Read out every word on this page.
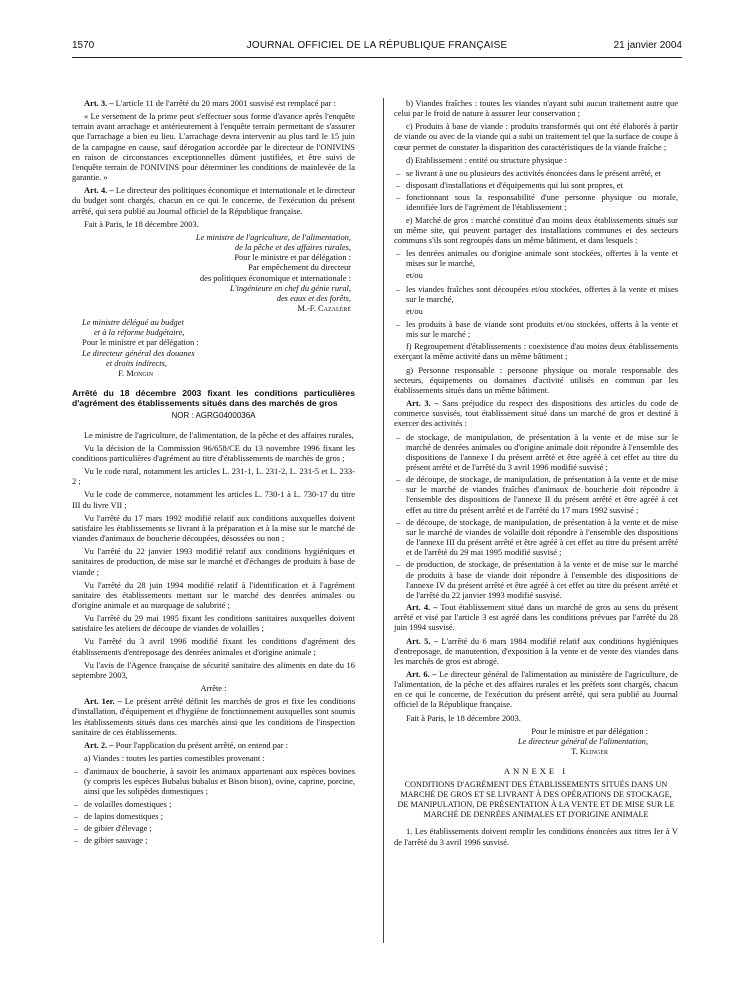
1570	JOURNAL OFFICIEL DE LA RÉPUBLIQUE FRANÇAISE	21 janvier 2004

Art. 3. – L'article 11 de l'arrêté du 20 mars 2001 susvisé est remplacé par :

« Le versement de la prime peut s'effectuer sous forme d'avance après l'enquête terrain avant arrachage et antérieurement à l'enquête terrain permettant de s'assurer que l'arrachage a bien eu lieu. L'arrachage devra intervenir au plus tard le 15 juin de la campagne en cause, sauf dérogation accordée par le directeur de l'ONIVINS en raison de circonstances exceptionnelles dûment justifiées, et être suivi de l'enquête terrain de l'ONIVINS pour déterminer les conditions de mainlevée de la garantie. »

Art. 4. – Le directeur des politiques économique et internationale et le directeur du budget sont chargés, chacun en ce qui le concerne, de l'exécution du présent arrêté, qui sera publié au Journal officiel de la République française.

Fait à Paris, le 18 décembre 2003.

Le ministre de l'agriculture, de l'alimentation,

de la pêche et des affaires rurales,

Pour le ministre et par délégation :

Par empêchement du directeur

des politiques économique et internationale :

L'ingénieure en chef du génie rural,

des eaux et des forêts,

M.-F. Cazalère

Le ministre délégué au budget

et à la réforme budgétaire,

Pour le ministre et par délégation :

Le directeur général des douanes

et droits indirects,

F. Mongin

Arrêté du 18 décembre 2003 fixant les conditions particulières d'agrément des établissements situés dans des marchés de gros

NOR : AGRG0400036A

Le ministre de l'agriculture, de l'alimentation, de la pêche et des affaires rurales,

Vu la décision de la Commission 96/658/CE du 13 novembre 1996 fixant les conditions particulières d'agrément au titre d'établissements de marchés de gros ;

Vu le code rural, notamment les articles L. 231-1, L. 231-2, L. 231-5 et L. 233-2 ;

Vu le code de commerce, notamment les articles L. 730-1 à L. 730-17 du titre III du livre VII ;

Vu l'arrêté du 17 mars 1992 modifié relatif aux conditions auxquelles doivent satisfaire les établissements se livrant à la préparation et à la mise sur le marché de viandes d'animaux de boucherie découpées, désossées ou non ;

Vu l'arrêté du 22 janvier 1993 modifié relatif aux conditions hygiéniques et sanitaires de production, de mise sur le marché et d'échanges de produits à base de viande ;

Vu l'arrêté du 28 juin 1994 modifié relatif à l'identification et à l'agrément sanitaire des établissements mettant sur le marché des denrées animales ou d'origine animale et au marquage de salubrité ;

Vu l'arrêté du 29 mai 1995 fixant les conditions sanitaires auxquelles doivent satisfaire les ateliers de découpe de viandes de volailles ;

Vu l'arrêté du 3 avril 1996 modifié fixant les conditions d'agrément des établissements d'entreposage des denrées animales et d'origine animale ;

Vu l'avis de l'Agence française de sécurité sanitaire des aliments en date du 16 septembre 2003,

Arrête :

Art. 1er. – Le présent arrêté définit les marchés de gros et fixe les conditions d'installation, d'équipement et d'hygiène de fonctionnement auxquelles sont soumis les établissements situés dans ces marchés ainsi que les conditions de l'inspection sanitaire de ces établissements.

Art. 2. – Pour l'application du présent arrêté, on entend par :

a) Viandes : toutes les parties comestibles provenant :

– d'animaux de boucherie, à savoir les animaux appartenant aux espèces bovines (y compris les espèces Bubalus bubalus et Bison bison), ovine, caprine, porcine, ainsi que les solipèdes domestiques ;

– de volailles domestiques ;

– de lapins domestiques ;

– de gibier d'élevage ;

– de gibier sauvage ;

b) Viandes fraîches : toutes les viandes n'ayant subi aucun traitement autre que celui par le froid de nature à assurer leur conservation ;

c) Produits à base de viande : produits transformés qui ont été élaborés à partir de viande ou avec de la viande qui a subi un traitement tel que la surface de coupe à cœur permet de constater la disparition des caractéristiques de la viande fraîche ;

d) Etablissement : entité ou structure physique :

– se livrant à une ou plusieurs des activités énoncées dans le présent arrêté, et

– disposant d'installations et d'équipements qui lui sont propres, et

– fonctionnant sous la responsabilité d'une personne physique ou morale, identifiée lors de l'agrément de l'établissement ;

e) Marché de gros : marché constitué d'au moins deux établissements situés sur un même site, qui peuvent partager des installations communes et des secteurs communs s'ils sont regroupés dans un même bâtiment, et dans lesquels :

– les denrées animales ou d'origine animale sont stockées, offertes à la vente et mises sur le marché,

et/ou

– les viandes fraîches sont découpées et/ou stockées, offertes à la vente et mises sur le marché,

et/ou

– les produits à base de viande sont produits et/ou stockées, offerts à la vente et mis sur le marché ;

f) Regroupement d'établissements : coexistence d'au moins deux établissements exerçant la même activité dans un même bâtiment ;

g) Personne responsable : personne physique ou morale responsable des secteurs, équipements ou domaines d'activité utilisés en commun par les établissements situés dans un même bâtiment.

Art. 3. – Sans préjudice du respect des dispositions des articles du code de commerce susvisés, tout établissement situé dans un marché de gros et destiné à exercer des activités :

– de stockage, de manipulation, de présentation à la vente et de mise sur le marché de denrées animales ou d'origine animale doit répondre à l'ensemble des dispositions de l'annexe I du présent arrêté et être agréé à cet effet au titre du présent arrêté et de l'arrêté du 3 avril 1996 modifié susvisé ;

– de découpe, de stockage, de manipulation, de présentation à la vente et de mise sur le marché de viandes fraîches d'animaux de boucherie doit répondre à l'ensemble des dispositions de l'annexe II du présent arrêté et être agréé à cet effet au titre du présent arrêté et de l'arrêté du 17 mars 1992 susvisé ;

– de découpe, de stockage, de manipulation, de présentation à la vente et de mise sur le marché de viandes de volaille doit répondre à l'ensemble des dispositions de l'annexe III du présent arrêté et être agréé à cet effet au titre du présent arrêté et de l'arrêté du 29 mai 1995 modifié susvisé ;

– de production, de stockage, de présentation à la vente et de mise sur le marché de produits à base de viande doit répondre à l'ensemble des dispositions de l'annexe IV du présent arrêté et être agréé à cet effet au titre du présent arrêté et de l'arrêté du 22 janvier 1993 modifié susvisé.

Art. 4. – Tout établissement situé dans un marché de gros au sens du présent arrêté et visé par l'article 3 est agréé dans les conditions prévues par l'arrêté du 28 juin 1994 susvisé.

Art. 5. – L'arrêté du 6 mars 1984 modifié relatif aux conditions hygiéniques d'entreposage, de manutention, d'exposition à la vente et de vente des viandes dans les marchés de gros est abrogé.

Art. 6. – Le directeur général de l'alimentation au ministère de l'agriculture, de l'alimentation, de la pêche et des affaires rurales et les préfets sont chargés, chacun en ce qui le concerne, de l'exécution du présent arrêté, qui sera publié au Journal officiel de la République française.

Fait à Paris, le 18 décembre 2003.

Pour le ministre et par délégation :

Le directeur général de l'alimentation,

T. Klinger

ANNEXE I

CONDITIONS D'AGRÉMENT DES ÉTABLISSEMENTS SITUÉS DANS UN MARCHÉ DE GROS ET SE LIVRANT À DES OPÉRATIONS DE STOCKAGE, DE MANIPULATION, DE PRÉSENTATION À LA VENTE ET DE MISE SUR LE MARCHÉ DE DENRÉES ANIMALES ET D'ORIGINE ANIMALE

1. Les établissements doivent remplir les conditions énoncées aux titres Ier à V de l'arrêté du 3 avril 1996 susvisé.
